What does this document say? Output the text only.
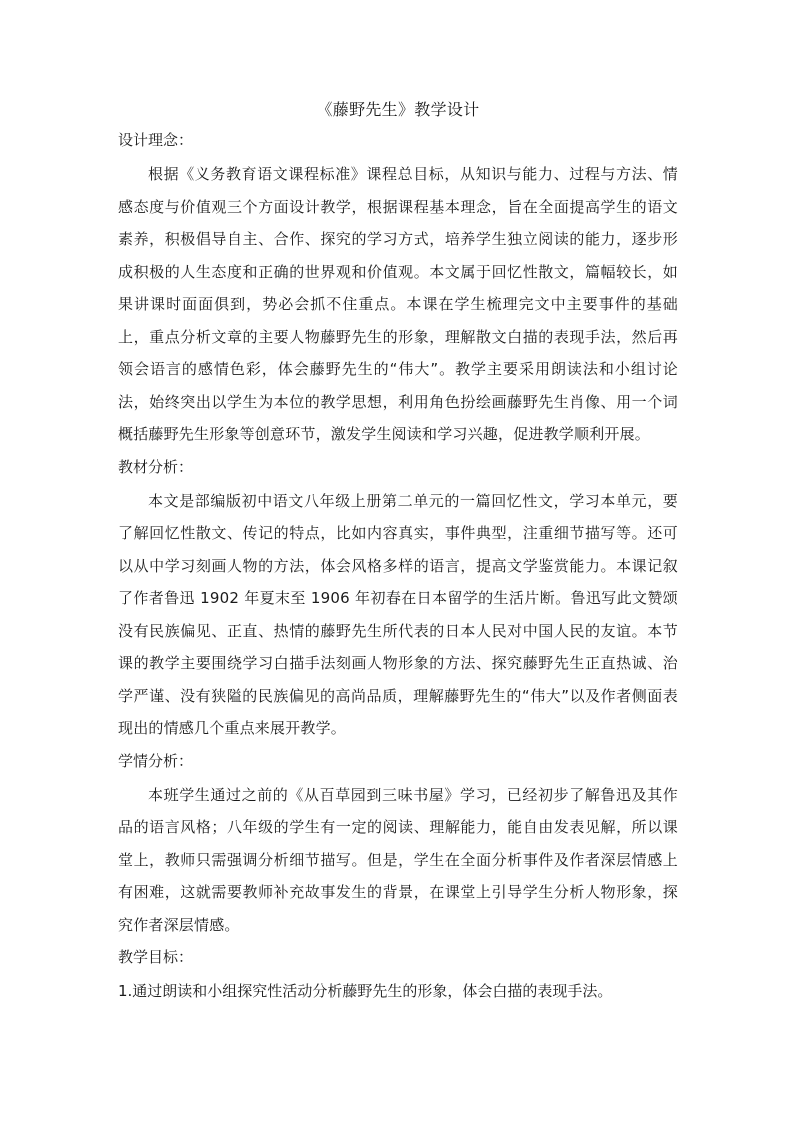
《藤野先生》教学设计
设计理念：

根据《义务教育语文课程标准》课程总目标，从知识与能力、过程与方法、情感态度与价值观三个方面设计教学，根据课程基本理念，旨在全面提高学生的语文素养，积极倡导自主、合作、探究的学习方式，培养学生独立阅读的能力，逐步形成积极的人生态度和正确的世界观和价值观。本文属于回忆性散文，篇幅较长，如果讲课时面面俱到，势必会抓不住重点。本课在学生梳理完文中主要事件的基础上，重点分析文章的主要人物藤野先生的形象，理解散文白描的表现手法，然后再领会语言的感情色彩，体会藤野先生的“伟大”。教学主要采用朗读法和小组讨论法，始终突出以学生为本位的教学思想，利用角色扮绘画藤野先生肖像、用一个词概括藤野先生形象等创意环节，激发学生阅读和学习兴趣，促进教学顺利开展。

教材分析：

本文是部编版初中语文八年级上册第二单元的一篇回忆性文，学习本单元，要了解回忆性散文、传记的特点，比如内容真实，事件典型，注重细节描写等。还可以从中学习刻画人物的方法，体会风格多样的语言，提高文学鉴赏能力。本课记叙了作者鲁迅 1902 年夏末至 1906 年初春在日本留学的生活片断。鲁迅写此文赞颂没有民族偏见、正直、热情的藤野先生所代表的日本人民对中国人民的友谊。本节课的教学主要围绕学习白描手法刻画人物形象的方法、探究藤野先生正直热诚、治学严谨、没有狭隘的民族偏见的高尚品质，理解藤野先生的“伟大”以及作者侧面表现出的情感几个重点来展开教学。

学情分析：

本班学生通过之前的《从百草园到三味书屋》学习，已经初步了解鲁迅及其作品的语言风格；八年级的学生有一定的阅读、理解能力，能自由发表见解，所以课堂上，教师只需强调分析细节描写。但是，学生在全面分析事件及作者深层情感上有困难，这就需要教师补充故事发生的背景，在课堂上引导学生分析人物形象，探究作者深层情感。

教学目标：

1.通过朗读和小组探究性活动分析藤野先生的形象，体会白描的表现手法。
